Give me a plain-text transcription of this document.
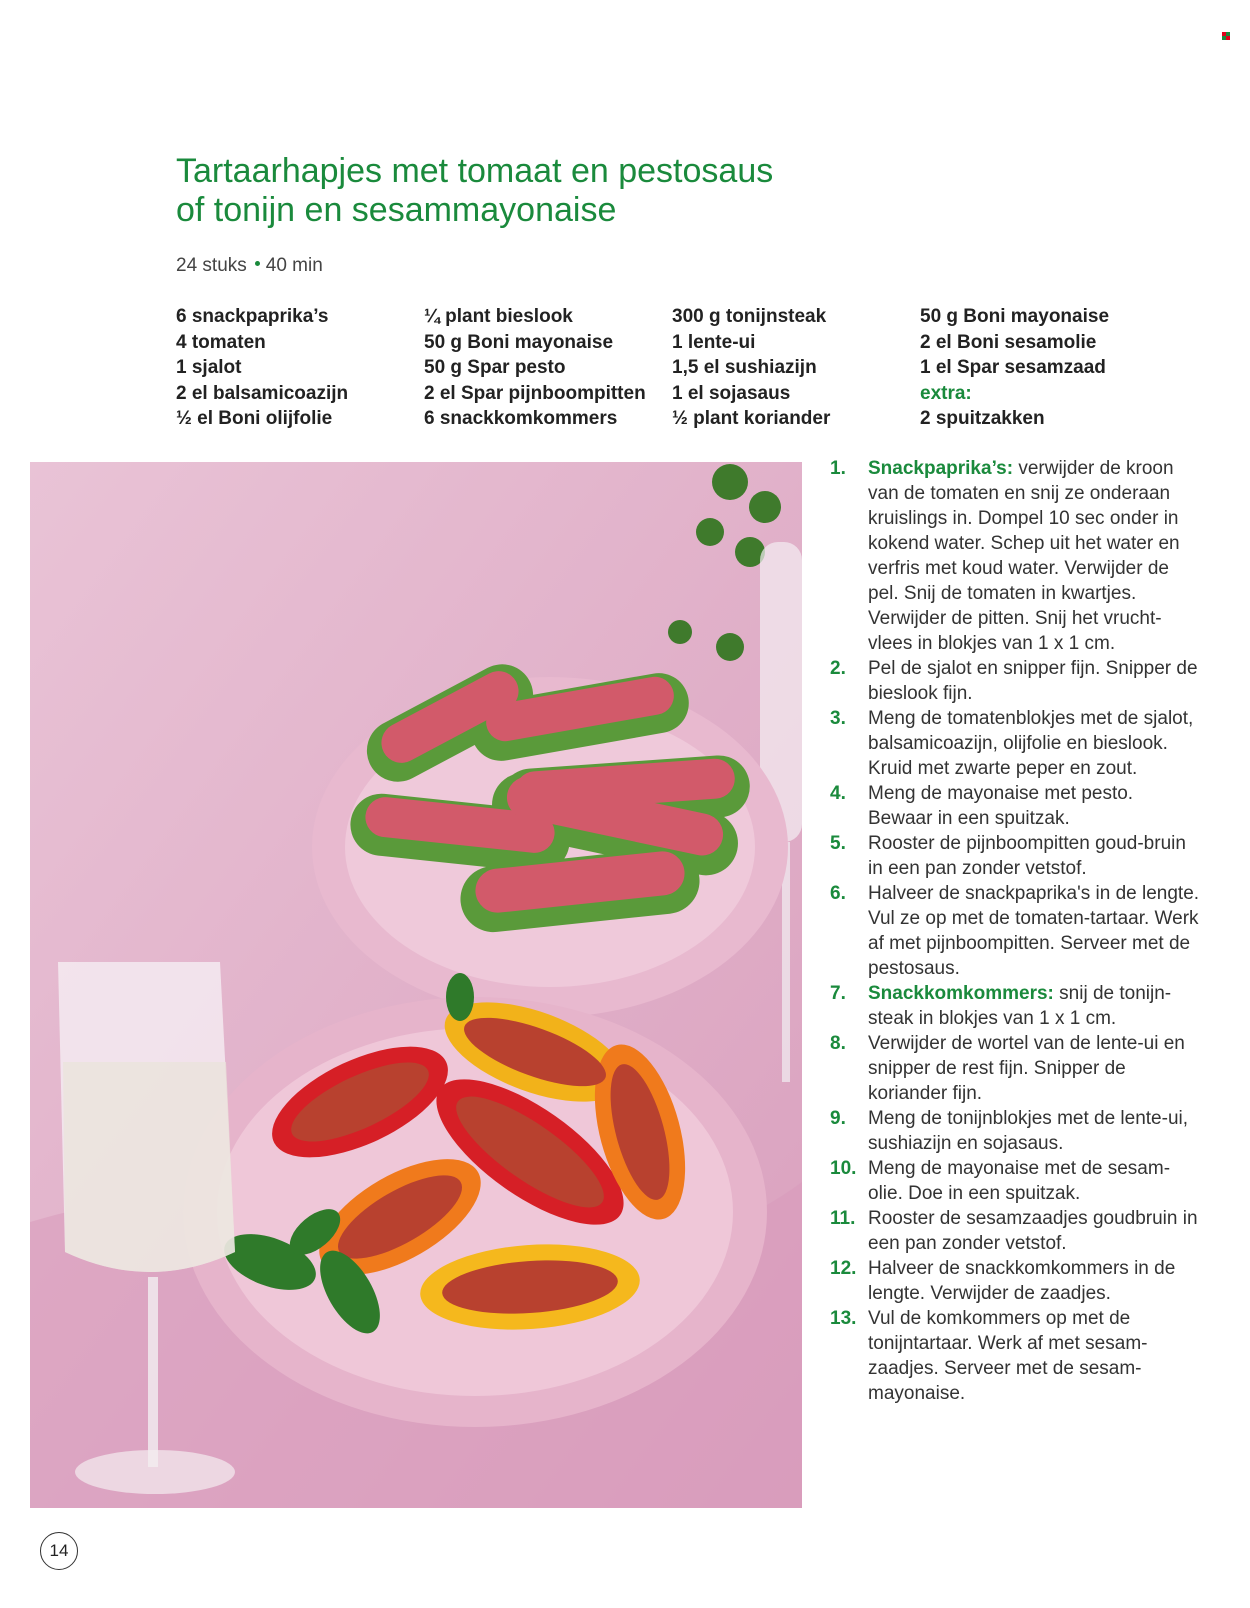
Tartaarhapjes met tomaat en pestosaus
of tonijn en sesammayonaise
24 stuks 40 min
6 snackpaprika’s
4 tomaten
1 sjalot
2 el balsamicoazijn
½ el Boni olijfolie
¼ plant bieslook
50 g Boni mayonaise
50 g Spar pesto
2 el Spar pijnboompitten
6 snackkomkommers
300 g tonijnsteak
1 lente-ui
1,5 el sushiazijn
1 el sojasaus
½ plant koriander
50 g Boni mayonaise
2 el Boni sesamolie
1 el Spar sesamzaad
extra:
2 spuitzakken
1. Snackpaprika’s: verwijder de kroon van de tomaten en snij ze onderaan kruislings in. Dompel 10 sec onder in kokend water. Schep uit het water en verfris met koud water. Verwijder de pel. Snij de tomaten in kwartjes. Verwijder de pitten. Snij het vrucht-vlees in blokjes van 1 x 1 cm.
2. Pel de sjalot en snipper fijn. Snipper de bieslook fijn.
3. Meng de tomatenblokjes met de sjalot, balsamicoazijn, olijfolie en bieslook. Kruid met zwarte peper en zout.
4. Meng de mayonaise met pesto. Bewaar in een spuitzak.
5. Rooster de pijnboompitten goud-bruin in een pan zonder vetstof.
6. Halveer de snackpaprika's in de lengte. Vul ze op met de tomaten-tartaar. Werk af met pijnboompitten. Serveer met de pestosaus.
7. Snackkomkommers: snij de tonijn-steak in blokjes van 1 x 1 cm.
8. Verwijder de wortel van de lente-ui en snipper de rest fijn. Snipper de koriander fijn.
9. Meng de tonijnblokjes met de lente-ui, sushiazijn en sojasaus.
10. Meng de mayonaise met de sesam-olie. Doe in een spuitzak.
11. Rooster de sesamzaadjes goudbruin in een pan zonder vetstof.
12. Halveer de snackkomkommers in de lengte. Verwijder de zaadjes.
13. Vul de komkommers op met de tonijntartaar. Werk af met sesam-zaadjes. Serveer met de sesam-mayonaise.
14
